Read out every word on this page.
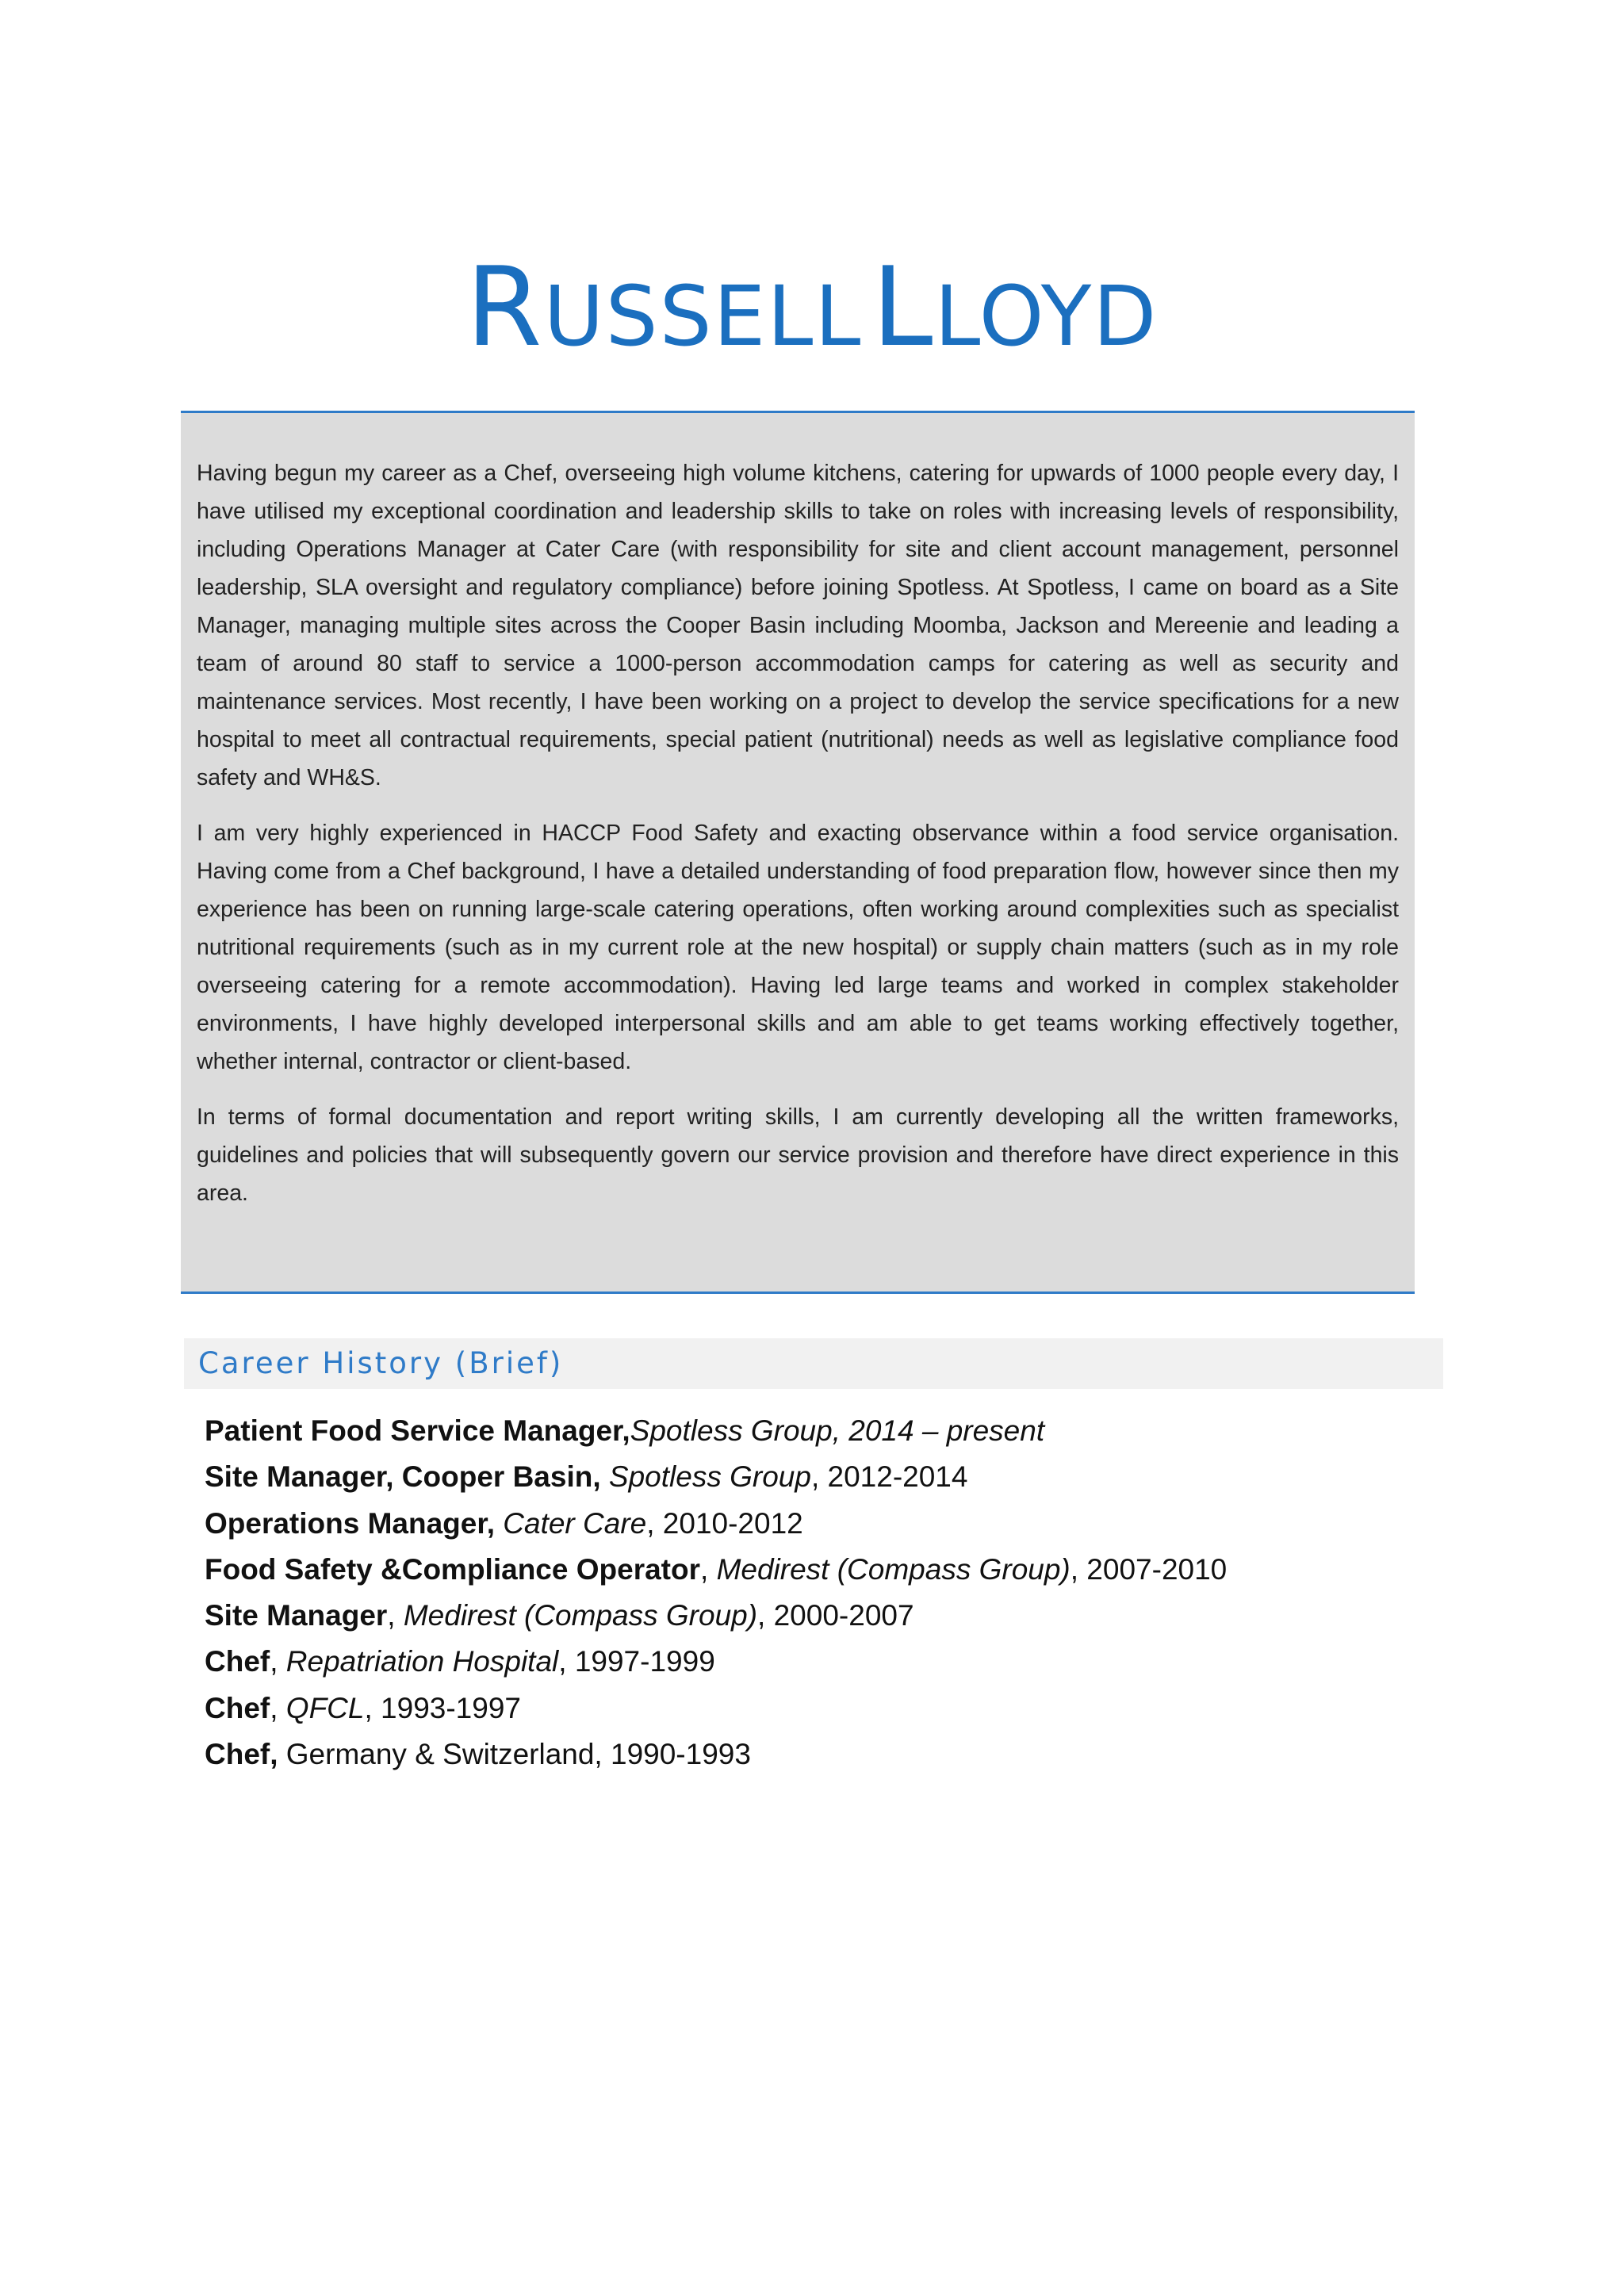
RUSSELL LLOYD

Having begun my career as a Chef, overseeing high volume kitchens, catering for upwards of 1000 people every day, I have utilised my exceptional coordination and leadership skills to take on roles with increasing levels of responsibility, including Operations Manager at Cater Care (with responsibility for site and client account management, personnel leadership, SLA oversight and regulatory compliance) before joining Spotless. At Spotless, I came on board as a Site Manager, managing multiple sites across the Cooper Basin including Moomba, Jackson and Mereenie and leading a team of around 80 staff to service a 1000-person accommodation camps for catering as well as security and maintenance services. Most recently, I have been working on a project to develop the service specifications for a new hospital to meet all contractual requirements, special patient (nutritional) needs as well as legislative compliance food safety and WH&S.

I am very highly experienced in HACCP Food Safety and exacting observance within a food service organisation. Having come from a Chef background, I have a detailed understanding of food preparation flow, however since then my experience has been on running large-scale catering operations, often working around complexities such as specialist nutritional requirements (such as in my current role at the new hospital) or supply chain matters (such as in my role overseeing catering for a remote accommodation). Having led large teams and worked in complex stakeholder environments, I have highly developed interpersonal skills and am able to get teams working effectively together, whether internal, contractor or client-based.

In terms of formal documentation and report writing skills, I am currently developing all the written frameworks, guidelines and policies that will subsequently govern our service provision and therefore have direct experience in this area.

Career History (Brief)
Patient Food Service Manager,Spotless Group, 2014 – present
Site Manager, Cooper Basin, Spotless Group, 2012-2014
Operations Manager, Cater Care, 2010-2012
Food Safety &Compliance Operator, Medirest (Compass Group), 2007-2010
Site Manager, Medirest (Compass Group), 2000-2007
Chef, Repatriation Hospital, 1997-1999
Chef, QFCL, 1993-1997
Chef, Germany & Switzerland, 1990-1993
